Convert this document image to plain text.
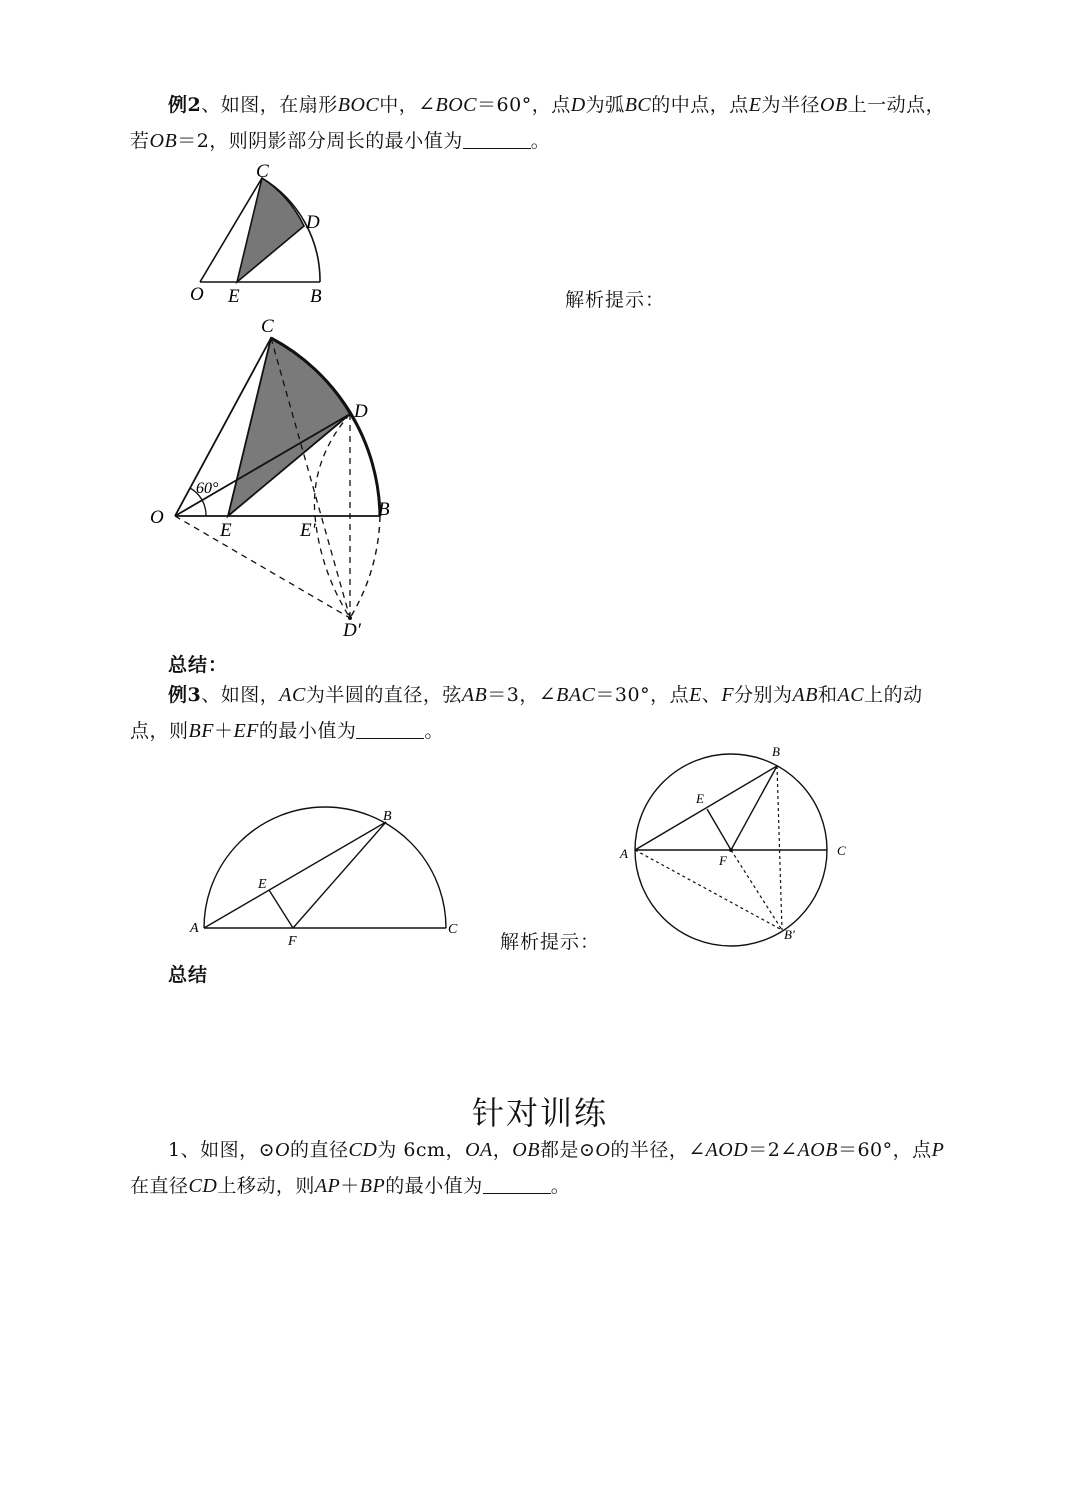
例2、如图，在扇形BOC中，∠BOC＝60°，点D为弧BC的中点，点E为半径OB上一动点，若OB＝2，则阴影部分周长的最小值为	。
C
D
O E	B	解析提示：
60°
C
D
O
E	E′
B
D′
总结：
例3、如图，AC为半圆的直径，弦AB＝3，∠BAC＝30°，点E、F分别为AB和AC上的动点，则BF＋EF的最小值为	。
A
B
C
E
F	解析提示：
B
A	C
E
F
B′
总结
针对训练
1、如图，⊙O的直径CD为 6cm，OA，OB都是⊙O的半径，∠AOD＝2∠AOB＝60°，点P在直径CD上移动，则AP＋BP的最小值为	。
